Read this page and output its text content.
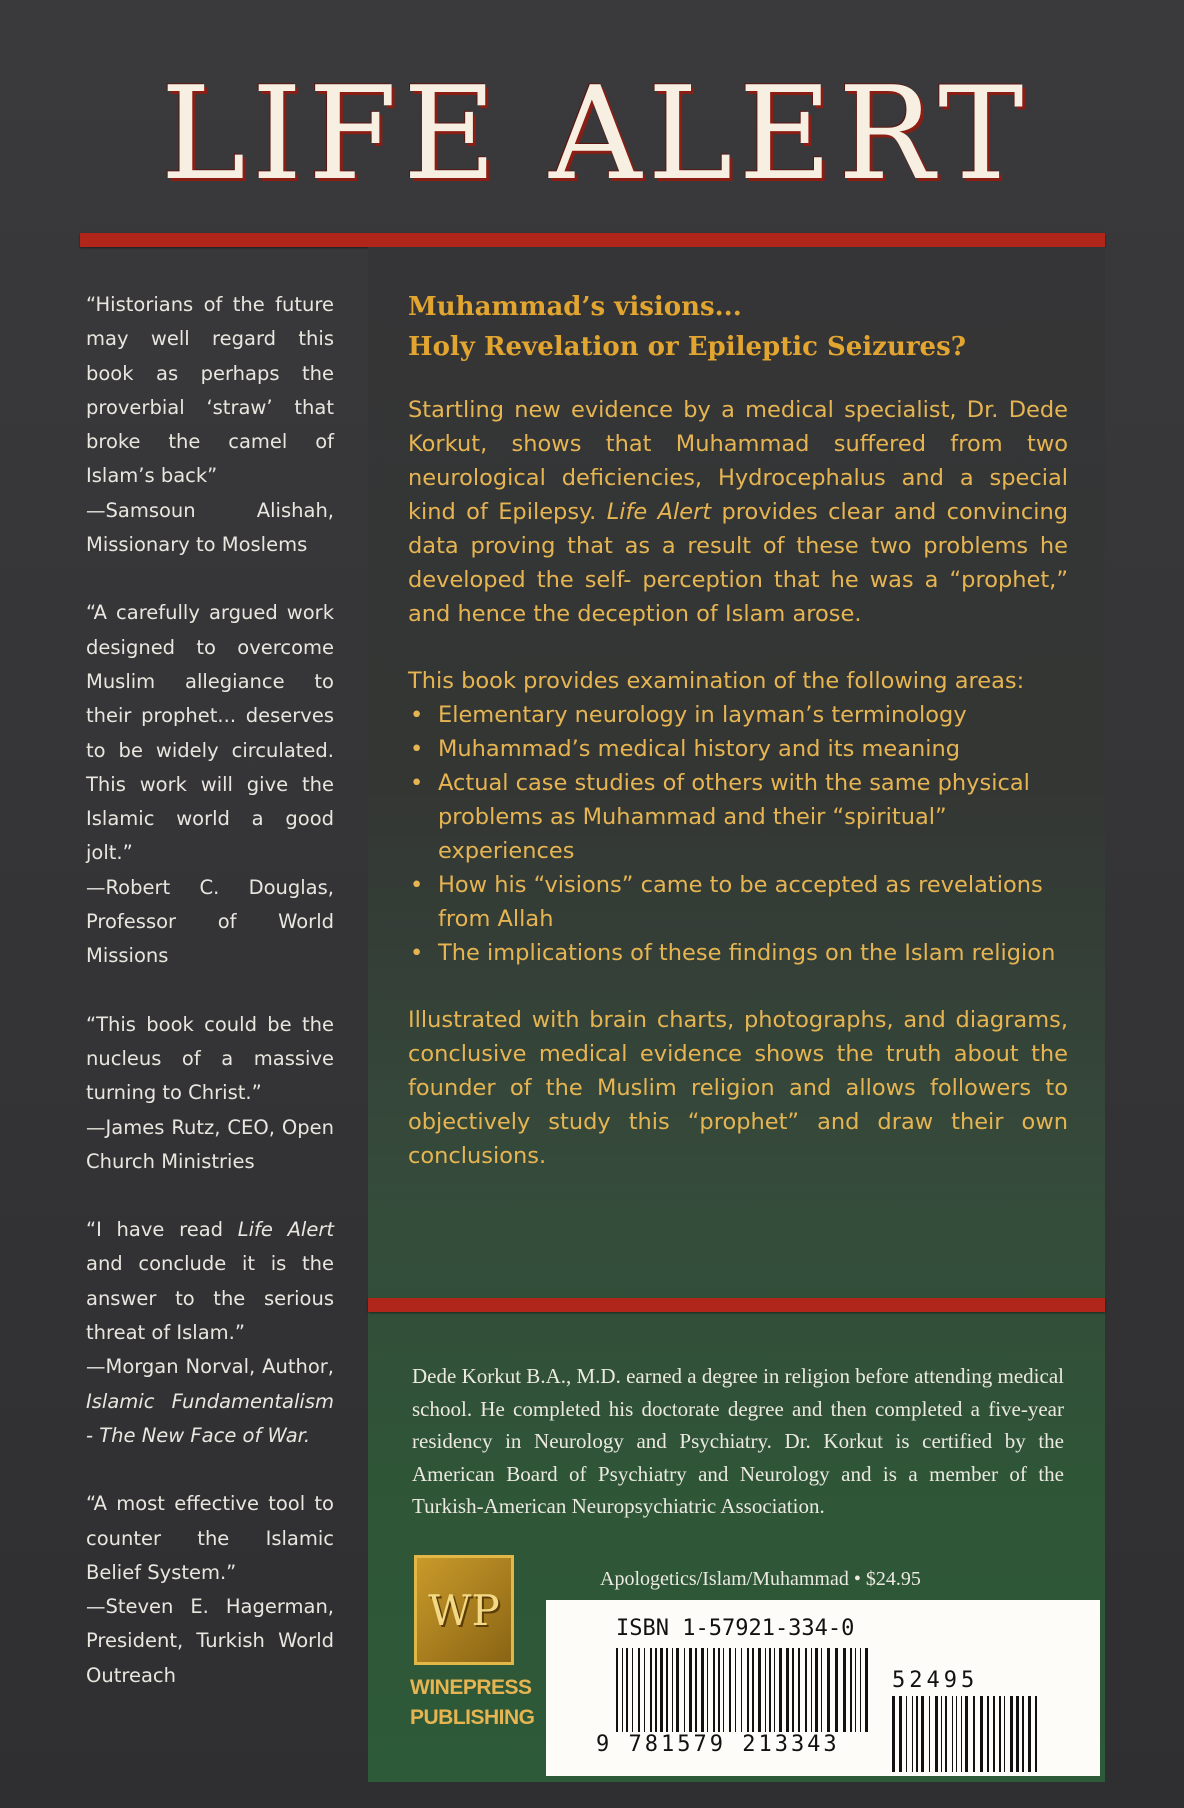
LIFE ALERT

“Historians of the future may well regard this book as perhaps the proverbial ‘straw’ that broke the camel of Islam’s back”

—Samsoun Alishah, Missionary to Moslems

“A carefully argued work designed to overcome Muslim allegiance to their prophet... deserves to be widely circulated. This work will give the Islamic world a good jolt.”

—Robert C. Douglas, Professor of World Missions

“This book could be the nucleus of a massive turning to Christ.”

—James Rutz, CEO, Open Church Ministries

“I have read Life Alert and conclude it is the answer to the serious threat of Islam.”

—Morgan Norval, Author, Islamic Fundamentalism - The New Face of War.

“A most effective tool to counter the Islamic Belief System.”

—Steven E. Hagerman, President, Turkish World Outreach

Muhammad’s visions...
Holy Revelation or Epileptic Seizures?

Startling new evidence by a medical specialist, Dr. Dede Korkut, shows that Muhammad suffered from two neurological deficiencies, Hydrocephalus and a special kind of Epilepsy. Life Alert provides clear and convincing data proving that as a result of these two problems he developed the self- perception that he was a “prophet,” and hence the deception of Islam arose.

This book provides examination of the following areas:

• Elementary neurology in layman’s terminology
• Muhammad’s medical history and its meaning
• Actual case studies of others with the same physical problems as Muhammad and their “spiritual” experiences
• How his “visions” came to be accepted as revelations from Allah
• The implications of these findings on the Islam religion

Illustrated with brain charts, photographs, and diagrams, conclusive medical evidence shows the truth about the founder of the Muslim religion and allows followers to objectively study this “prophet” and draw their own conclusions.

Dede Korkut B.A., M.D. earned a degree in religion before attending medical school. He completed his doctorate degree and then completed a five-year residency in Neurology and Psychiatry. Dr. Korkut is certified by the American Board of Psychiatry and Neurology and is a member of the Turkish-American Neuropsychiatric Association.

WP
WINEPRESS
PUBLISHING
Apologetics/Islam/Muhammad • $24.95
ISBN 1-57921-334-0
52495
9 781579 213343
